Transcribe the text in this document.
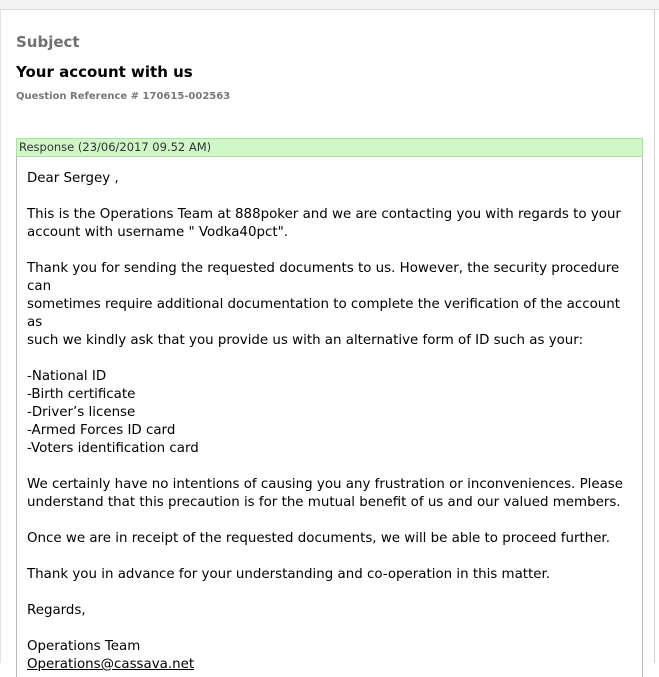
Subject
Your account with us
Question Reference # 170615-002563
Response (23/06/2017 09.52 AM)

Dear Sergey ,

This is the Operations Team at 888poker and we are contacting you with regards to your
account with username " Vodka40pct".

Thank you for sending the requested documents to us. However, the security procedure can
sometimes require additional documentation to complete the verification of the account as
such we kindly ask that you provide us with an alternative form of ID such as your:

-National ID
-Birth certificate
-Driver’s license
-Armed Forces ID card
-Voters identification card

We certainly have no intentions of causing you any frustration or inconveniences. Please
understand that this precaution is for the mutual benefit of us and our valued members.

Once we are in receipt of the requested documents, we will be able to proceed further.

Thank you in advance for your understanding and co-operation in this matter.

Regards,

Operations Team
Operations@cassava.net
